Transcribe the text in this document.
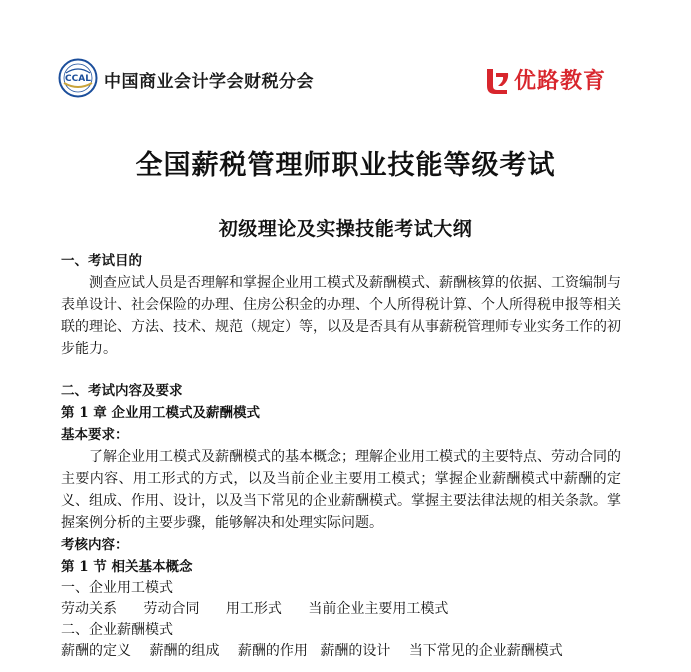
CCAL 中国商业会计学会财税分会	优路教育
全国薪税管理师职业技能等级考试
初级理论及实操技能考试大纲
一、考试目的

测查应试人员是否理解和掌握企业用工模式及薪酬模式、薪酬核算的依据、工资编制与表单设计、社会保险的办理、住房公积金的办理、个人所得税计算、个人所得税申报等相关联的理论、方法、技术、规范（规定）等，以及是否具有从事薪税管理师专业实务工作的初步能力。

二、考试内容及要求
第 1 章 企业用工模式及薪酬模式
基本要求：

了解企业用工模式及薪酬模式的基本概念；理解企业用工模式的主要特点、劳动合同的主要内容、用工形式的方式，以及当前企业主要用工模式；掌握企业薪酬模式中薪酬的定义、组成、作用、设计，以及当下常见的企业薪酬模式。掌握主要法律法规的相关条款。掌握案例分析的主要步骤，能够解决和处理实际问题。

考核内容：
第 1 节 相关基本概念
一、企业用工模式
劳动关系 劳动合同 用工形式 当前企业主要用工模式
二、企业薪酬模式
薪酬的定义 薪酬的组成 薪酬的作用 薪酬的设计 当下常见的企业薪酬模式
